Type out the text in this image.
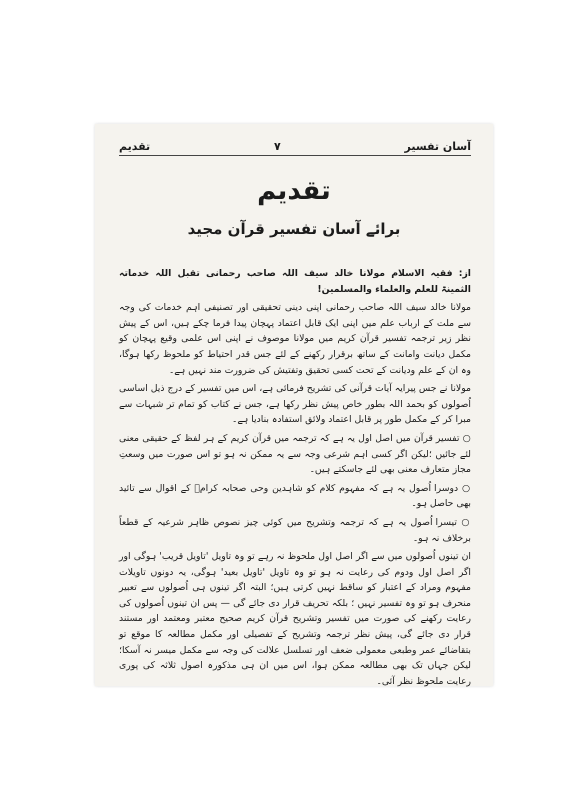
آسان تفسیر
۷
تقدیم
تقدیم
برائے آسان تفسیر قرآن مجید

از: فقیہ الاسلام مولانا خالد سیف اللہ صاحب رحمانی تقبل اللہ خدماتہ الثمینۃ للعلم والعلماء والمسلمین!

مولانا خالد سیف اللہ صاحب رحمانی اپنی دینی تحقیقی اور تصنیفی اہم خدمات کی وجہ سے ملت کے ارباب علم میں اپنی ایک قابل اعتماد پہچان پیدا فرما چکے ہیں، اس کے پیش نظر زیر ترجمہ تفسیر قرآن کریم میں مولانا موصوف نے اپنی اس علمی وقیع پہچان کو مکمل دیانت وامانت کے ساتھ برقرار رکھنے کے لئے جس قدر احتیاط کو ملحوظ رکھا ہوگا، وہ ان کے علم ودیانت کے تحت کسی تحقیق وتفتیش کی ضرورت مند نہیں ہے۔

مولانا نے جس پیرایہ آیات قرآنی کی تشریح فرمائی ہے، اس میں تفسیر کے درج ذیل اساسی اُصولوں کو بحمد اللہ بطور خاص پیش نظر رکھا ہے، جس نے کتاب کو تمام تر شبہات سے مبرا کر کے مکمل طور پر قابل اعتماد ولائق استفادہ بنادیا ہے۔

○ تفسیر قرآن میں اصل اول یہ ہے کہ ترجمہ میں قرآن کریم کے ہر لفظ کے حقیقی معنی لئے جائیں ؛لیکن اگر کسی اہم شرعی وجہ سے یہ ممکن نہ ہو تو اس صورت میں وسعتِ مجاز متعارف معنی بھی لئے جاسکتے ہیں۔

○ دوسرا اُصول یہ ہے کہ مفہوم کلام کو شاہدین وحی صحابہ کرامؓ کے اقوال سے تائید بھی حاصل ہو۔

○ تیسرا اُصول یہ ہے کہ ترجمہ وتشریح میں کوئی چیز نصوص ظاہر شرعیہ کے قطعاً برخلاف نہ ہو۔

ان تینوں اُصولوں میں سے اگر اصل اول ملحوظ نہ رہے تو وہ تاویل 'تاویل قریب' ہوگی اور اگر اصل اول ودوم کی رعایت نہ ہو تو وہ تاویل 'تاویل بعید' ہوگی، یہ دونوں تاویلات مفہوم ومراد کے اعتبار کو ساقط نہیں کرتی ہیں؛ البتہ اگر تینوں ہی اُصولوں سے تعبیر منحرف ہو تو وہ تفسیر نہیں ؛ بلکہ تحریف قرار دی جائے گی — پس ان تینوں اُصولوں کی رعایت رکھنے کی صورت میں تفسیر وتشریح قرآن کریم صحیح معتبر ومعتمد اور مستند قرار دی جائے گی، پیش نظر ترجمہ وتشریح کے تفصیلی اور مکمل مطالعہ کا موقع تو بتقاضائے عمر وطبعی معمولی ضعف اور تسلسل علالت کی وجہ سے مکمل میسر نہ آسکا؛ لیکن جہاں تک بھی مطالعہ ممکن ہوا، اس میں ان ہی مذکورہ اصول ثلاثہ کی پوری رعایت ملحوظ نظر آئی۔
